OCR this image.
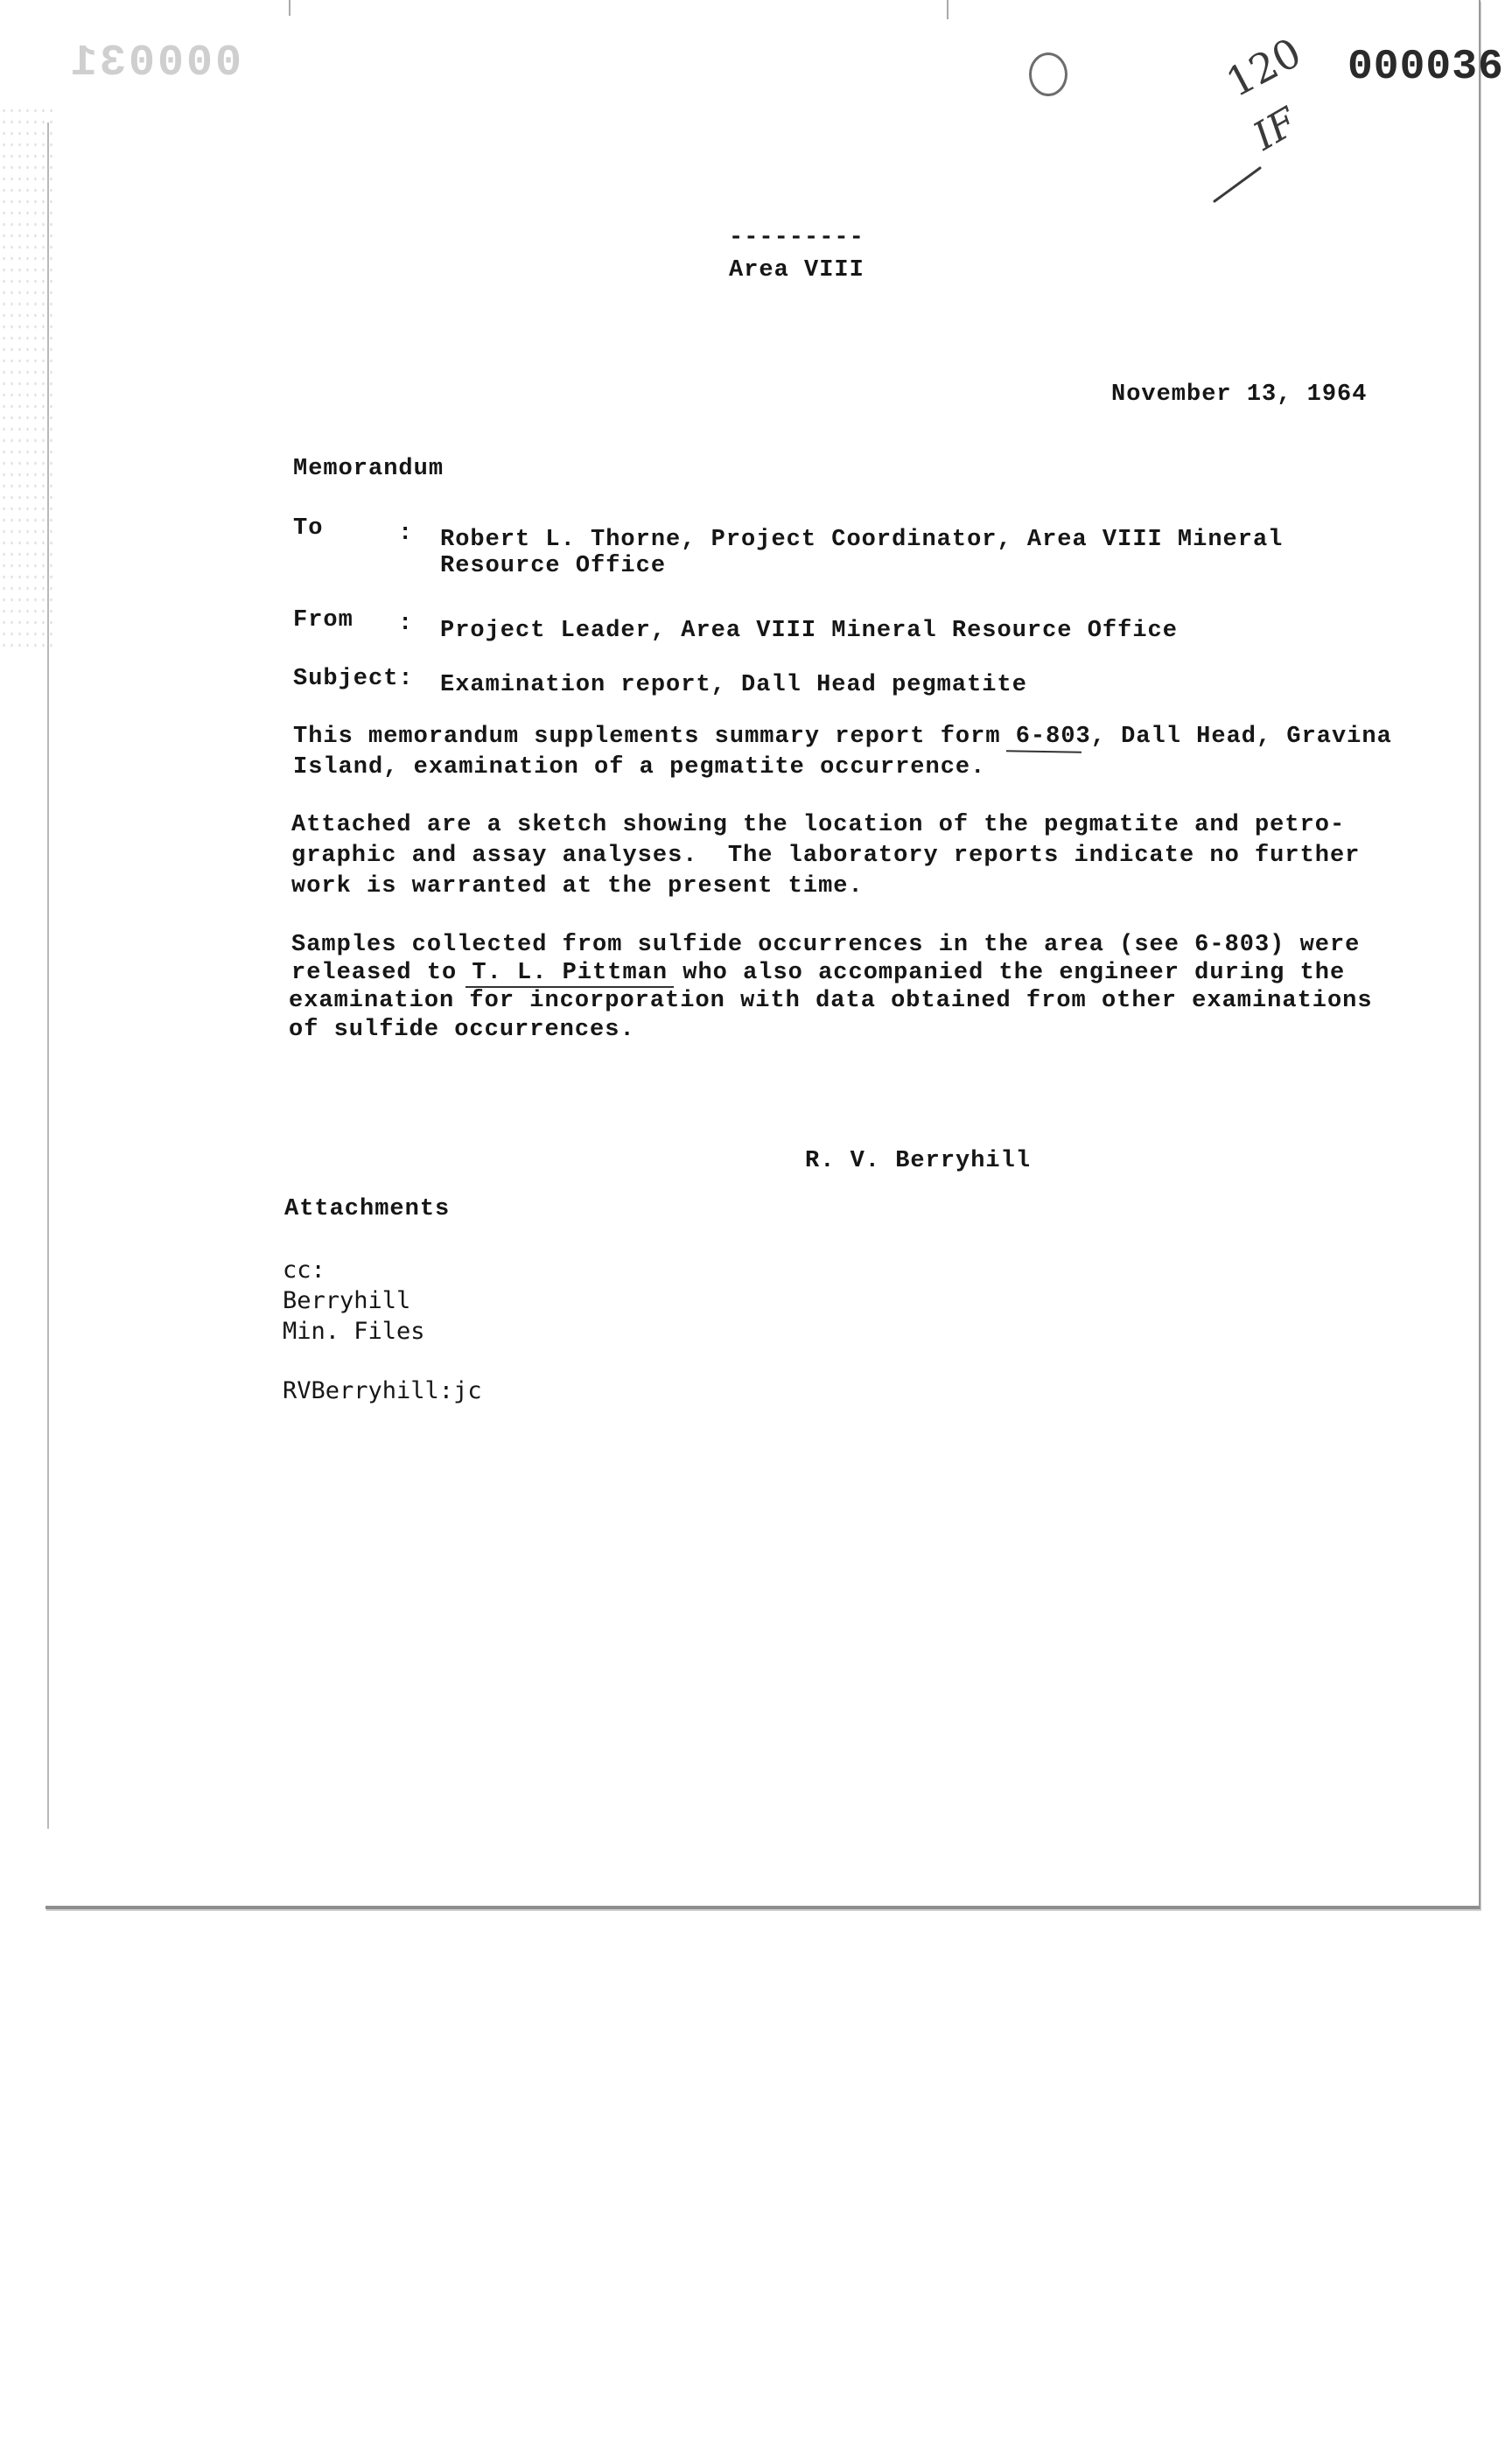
000031	120
IF
000036
---------
Area VIII
November 13, 1964
Memorandum
To	: Robert L. Thorne, Project Coordinator, Area VIII Mineral
Resource Office
From : Project Leader, Area VIII Mineral Resource Office
Subject: Examination report, Dall Head pegmatite
This memorandum supplements summary report form 6-803, Dall Head, Gravina
Island, examination of a pegmatite occurrence.
Attached are a sketch showing the location of the pegmatite and petro-
graphic and assay analyses.  The laboratory reports indicate no further
work is warranted at the present time.
Samples collected from sulfide occurrences in the area (see 6-803) were
released to T. L. Pittman who also accompanied the engineer during the
examination for incorporation with data obtained from other examinations
of sulfide occurrences.
R. V. Berryhill
Attachments
cc:
Berryhill
Min. Files
RVBerryhill:jc
